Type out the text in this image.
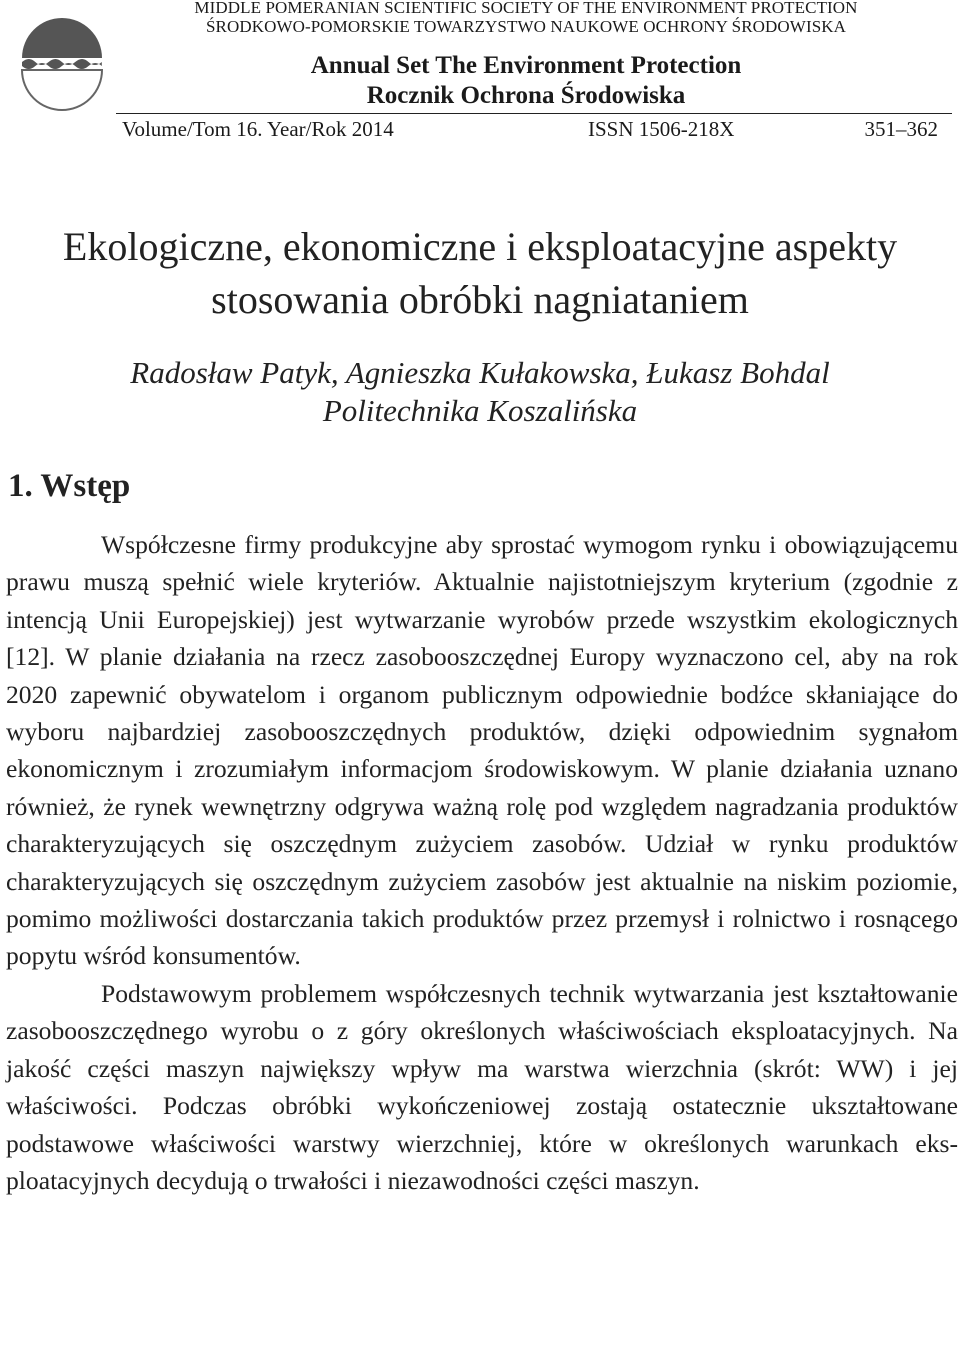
MIDDLE POMERANIAN SCIENTIFIC SOCIETY OF THE ENVIRONMENT PROTECTION
ŚRODKOWO-POMORSKIE TOWARZYSTWO NAUKOWE OCHRONY ŚRODOWISKA
Annual Set The Environment Protection
Rocznik Ochrona Środowiska
Volume/Tom 16. Year/Rok 2014	ISSN 1506-218X	351–362
Ekologiczne, ekonomiczne i eksploatacyjne aspekty
stosowania obróbki nagniataniem
Radosław Patyk, Agnieszka Kułakowska, Łukasz Bohdal
Politechnika Koszalińska
1. Wstęp

Współczesne firmy produkcyjne aby sprostać wymogom rynku i obowiązującemu prawu muszą spełnić wiele kryteriów. Aktualnie najistotniejszym kryterium (zgodnie z intencją Unii Europejskiej) jest wytwarzanie wyrobów przede wszystkim ekologicznych [12]. W planie działania na rzecz zasobooszczędnej Europy wyznaczono cel, aby na rok 2020 zapewnić obywatelom i organom publicznym odpowiednie bodźce skłaniające do wyboru najbardziej zasobooszczędnych produktów, dzięki odpowiednim sygnałom ekonomicznym i zrozumiałym informacjom środowiskowym. W planie działania uznano również, że rynek wewnętrzny odgrywa ważną rolę pod względem nagradzania produktów charakteryzujących się oszczędnym zużyciem zasobów. Udział w rynku produktów charakteryzujących się oszczędnym zużyciem zasobów jest aktualnie na niskim poziomie, pomimo możliwości dostarczania takich produktów przez przemysł i rolnictwo i rosnącego popytu wśród konsumentów.

Podstawowym problemem współczesnych technik wytwarzania jest kształtowanie zasobooszczędnego wyrobu o z góry określonych właściwościach eksploatacyjnych. Na jakość części maszyn największy wpływ ma warstwa wierzchnia (skrót: WW) i jej właściwości. Podczas obróbki wykończeniowej zostają ostatecznie ukształtowane podstawowe właściwości warstwy wierzchniej, które w określonych warunkach eksploatacyjnych decydują o trwałości i niezawodności części maszyn.
